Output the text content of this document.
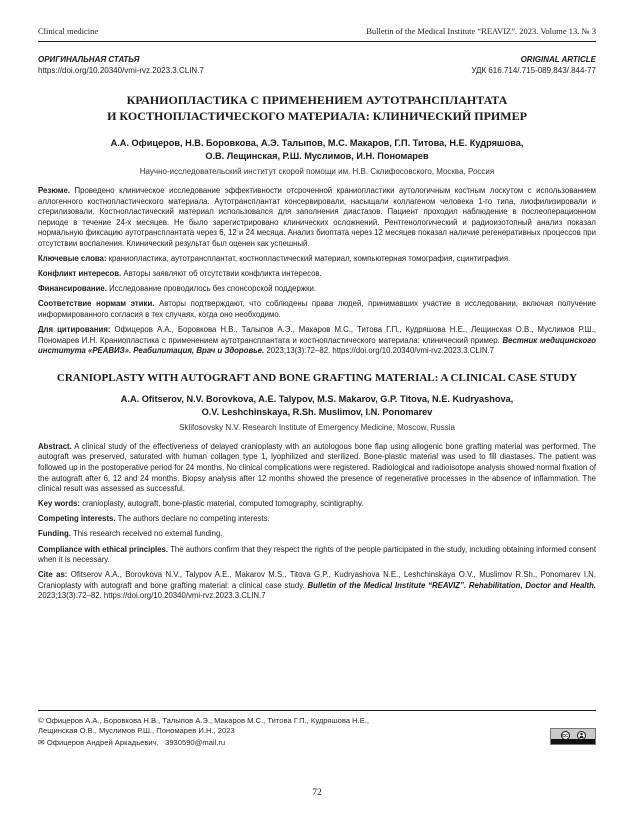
Clinical medicine	Bulletin of the Medical Institute “REAVIZ”. 2023. Volume 13. № 3
ОРИГИНАЛЬНАЯ СТАТЬЯ
https://doi.org/10.20340/vmi-rvz.2023.3.CLIN.7
ORIGINAL ARTICLE
УДК 616.714/.715-089.843/.844-77
КРАНИОПЛАСТИКА С ПРИМЕНЕНИЕМ АУТОТРАНСПЛАНТАТА
И КОСТНОПЛАСТИЧЕСКОГО МАТЕРИАЛА: КЛИНИЧЕСКИЙ ПРИМЕР
А.А. Офицеров, Н.В. Боровкова, А.Э. Талыпов, М.С. Макаров, Г.П. Титова, Н.Е. Кудряшова,
О.В. Лещинская, Р.Ш. Муслимов, И.Н. Пономарев
Научно-исследовательский институт скорой помощи им. Н.В. Склифосовского, Москва, Россия

Резюме. Проведено клиническое исследование эффективности отсроченной краниопластики аутологичным костным лоскутом с использованием аллогенного костнопластического материала. Аутотрансплантат консервировали, насыщали коллагеном человека 1-го типа, лиофилизировали и стерилизовали. Костнопластический материал использовался для заполнения диастазов. Пациент проходил наблюдение в послеоперационном периоде в течение 24-х месяцев. Не было зарегистрировано клинических осложнений. Рентгенологический и радиоизотопный анализ показал нормальную фиксацию аутотрансплантата через 6, 12 и 24 месяца. Анализ биоптата через 12 месяцев показал наличие регенеративных процессов при отсутствии воспаления. Клинический результат был оценен как успешный.

Ключевые слова: краниопластика, аутотрансплантат, костнопластический материал, компьютерная томография, сцинтиграфия.

Конфликт интересов. Авторы заявляют об отсутствии конфликта интересов.

Финансирование. Исследование проводилось без спонсорской поддержки.

Соответствие нормам этики. Авторы подтверждают, что соблюдены права людей, принимавших участие в исследовании, включая получение информированного согласия в тех случаях, когда оно необходимо.

Для цитирования: Офицеров А.А., Боровкова Н.В., Талыпов А.Э., Макаров М.С., Титова Г.П., Кудряшова Н.Е., Лещинская О.В., Муслимов Р.Ш., Пономарев И.Н. Краниопластика с применением аутотрансплантата и костнопластического материала: клинический пример. Вестник медицинского института «РЕАВИЗ». Реабилитация, Врач и Здоровье. 2023;13(3):72–82. https://doi.org/10.20340/vmi-rvz.2023.3.CLIN.7

CRANIOPLASTY WITH AUTOGRAFT AND BONE GRAFTING MATERIAL: A CLINICAL CASE STUDY
A.A. Ofitserov, N.V. Borovkova, A.E. Talypov, M.S. Makarov, G.P. Titova, N.E. Kudryashova,
O.V. Leshchinskaya, R.Sh. Muslimov, I.N. Ponomarev
Sklifosovsky N.V. Research Institute of Emergency Medicine, Moscow, Russia

Abstract. A clinical study of the effectiveness of delayed cranioplasty with an autologous bone flap using allogenic bone grafting material was performed. The autograft was preserved, saturated with human collagen type 1, lyophilized and sterilized. Bone-plastic material was used to fill diastases. The patient was followed up in the postoperative period for 24 months. No clinical complications were registered. Radiological and radioisotope analysis showed normal fixation of the autograft after 6, 12 and 24 months. Biopsy analysis after 12 months showed the presence of regenerative processes in the absence of inflammation. The clinical result was assessed as successful.

Key words: cranioplasty, autograft, bone-plastic material, computed tomography, scintigraphy.

Competing interests. The authors declare no competing interests.

Funding. This research received no external funding.

Compliance with ethical principles. The authors confirm that they respect the rights of the people participated in the study, including obtaining informed consent when it is necessary.

Cite as: Ofitserov A.A., Borovkova N.V., Talypov A.E., Makarov M.S., Titova G.P., Kudryashova N.E., Leshchinskaya O.V., Muslimov R.Sh., Ponomarev I.N. Cranioplasty with autograft and bone grafting material: a clinical case study. Bulletin of the Medical Institute “REAVIZ”. Rehabilitation, Doctor and Health. 2023;13(3):72–82. https://doi.org/10.20340/vmi-rvz.2023.3.CLIN.7

© Офицеров А.А., Боровкова Н.В., Талыпов А.Э., Макаров М.С., Титова Г.П., Кудряшова Н.Е.,
Лещинская О.В., Муслимов Р.Ш., Пономарев И.Н., 2023
✉ Офицеров Андрей Аркадьевич, 3930590@mail.ru
CC
72
